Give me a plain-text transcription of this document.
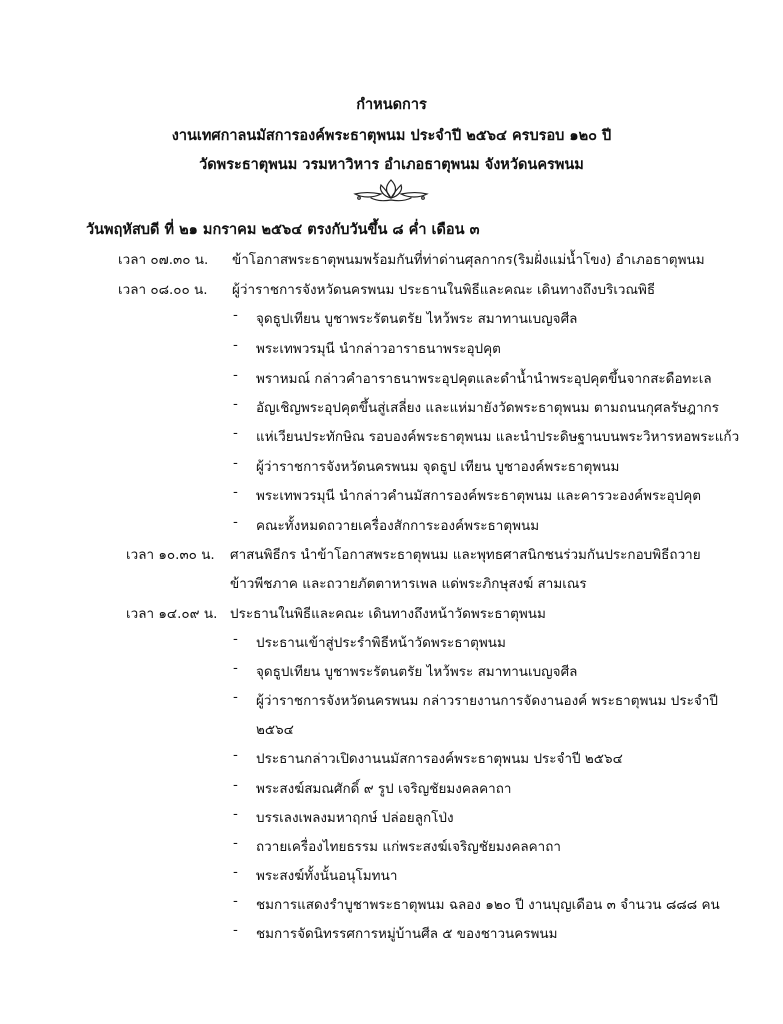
กำหนดการ
งานเทศกาลนมัสการองค์พระธาตุพนม ประจำปี ๒๕๖๔ ครบรอบ ๑๒๐ ปี
วัดพระธาตุพนม วรมหาวิหาร อำเภอธาตุพนม จังหวัดนครพนม
วันพฤหัสบดี ที่ ๒๑ มกราคม ๒๕๖๔ ตรงกับวันขึ้น ๘ ค่ำ เดือน ๓
เวลา ๐๗.๓๐ น. ข้าโอกาสพระธาตุพนมพร้อมกันที่ท่าด่านศุลกากร(ริมฝั่งแม่น้ำโขง) อำเภอธาตุพนม
เวลา ๐๘.๐๐ น. ผู้ว่าราชการจังหวัดนครพนม ประธานในพิธีและคณะ เดินทางถึงบริเวณพิธี
- จุดธูปเทียน บูชาพระรัตนตรัย ไหว้พระ สมาทานเบญจศีล
- พระเทพวรมุนี นำกล่าวอาราธนาพระอุปคุต
- พราหมณ์ กล่าวคำอาราธนาพระอุปคุตและดำน้ำนำพระอุปคุตขึ้นจากสะดือทะเล
- อัญเชิญพระอุปคุตขึ้นสู่เสลี่ยง และแห่มายังวัดพระธาตุพนม ตามถนนกุศลรัษฎากร
- แห่เวียนประทักษิณ รอบองค์พระธาตุพนม และนำประดิษฐานบนพระวิหารหอพระแก้ว
- ผู้ว่าราชการจังหวัดนครพนม จุดธูป เทียน บูชาองค์พระธาตุพนม
- พระเทพวรมุนี นำกล่าวคำนมัสการองค์พระธาตุพนม และคารวะองค์พระอุปคุต
- คณะทั้งหมดถวายเครื่องสักการะองค์พระธาตุพนม
เวลา ๑๐.๓๐ น. ศาสนพิธีกร นำข้าโอกาสพระธาตุพนม และพุทธศาสนิกชนร่วมกันประกอบพิธีถวาย
ข้าวพีชภาค และถวายภัตตาหารเพล แด่พระภิกษุสงฆ์ สามเณร
เวลา ๑๔.๐๙ น. ประธานในพิธีและคณะ เดินทางถึงหน้าวัดพระธาตุพนม
- ประธานเข้าสู่ประรำพิธีหน้าวัดพระธาตุพนม
- จุดธูปเทียน บูชาพระรัตนตรัย ไหว้พระ สมาทานเบญจศีล
- ผู้ว่าราชการจังหวัดนครพนม กล่าวรายงานการจัดงานองค์ พระธาตุพนม ประจำปี
๒๕๖๔
- ประธานกล่าวเปิดงานนมัสการองค์พระธาตุพนม ประจำปี ๒๕๖๔
- พระสงฆ์สมณศักดิ์ ๙ รูป เจริญชัยมงคลคาถา
- บรรเลงเพลงมหาฤกษ์ ปล่อยลูกโป่ง
- ถวายเครื่องไทยธรรม แก่พระสงฆ์เจริญชัยมงคลคาถา
- พระสงฆ์ทั้งนั้นอนุโมทนา
- ชมการแสดงรำบูชาพระธาตุพนม ฉลอง ๑๒๐ ปี งานบุญเดือน ๓ จำนวน ๘๘๘ คน
- ชมการจัดนิทรรศการหมู่บ้านศีล ๕ ของชาวนครพนม
